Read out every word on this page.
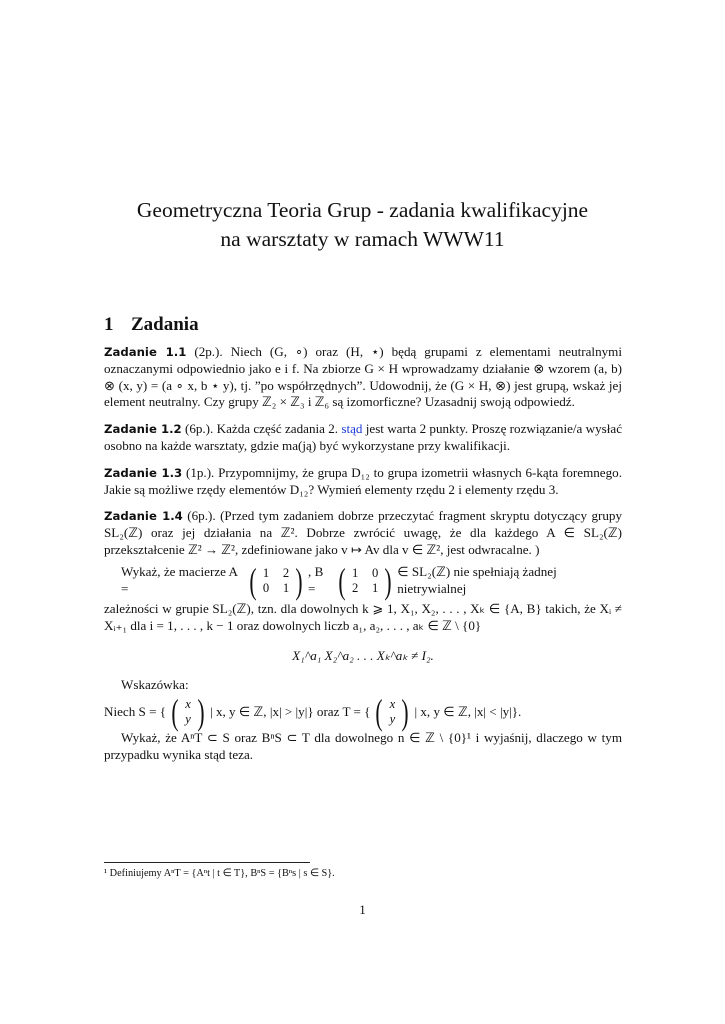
Geometryczna Teoria Grup - zadania kwalifikacyjne
na warsztaty w ramach WWW11
1 Zadania

Zadanie 1.1 (2p.). Niech (G, ∘) oraz (H, ⋆) będą grupami z elementami neutralnymi oznaczanymi odpowiednio jako e i f. Na zbiorze G × H wprowadzamy działanie ⊗ wzorem (a, b) ⊗ (x, y) = (a ∘ x, b ⋆ y), tj. ”po współrzędnych”. Udowodnij, że (G × H, ⊗) jest grupą, wskaż jej element neutralny. Czy grupy ℤ₂ × ℤ₃ i ℤ₆ są izomorficzne? Uzasadnij swoją odpowiedź.

Zadanie 1.2 (6p.). Każda część zadania 2. stąd jest warta 2 punkty. Proszę rozwiązanie/a wysłać osobno na każde warsztaty, gdzie ma(ją) być wykorzystane przy kwalifikacji.

Zadanie 1.3 (1p.). Przypomnijmy, że grupa D₁₂ to grupa izometrii własnych 6-kąta foremnego. Jakie są możliwe rzędy elementów D₁₂? Wymień elementy rzędu 2 i elementy rzędu 3.

Zadanie 1.4 (6p.). (Przed tym zadaniem dobrze przeczytać fragment skryptu dotyczący grupy SL₂(ℤ) oraz jej działania na ℤ². Dobrze zwrócić uwagę, że dla każdego A ∈ SL₂(ℤ) przekształcenie ℤ² → ℤ², zdefiniowane jako v ↦ Av dla v ∈ ℤ², jest odwracalne. )

Wykaż, że macierze A =	( 1	2
0	1 ) , B = ( 1	0
2	1 ) ∈ SL₂(ℤ) nie spełniają żadnej nietrywialnej

zależności w grupie SL₂(ℤ), tzn. dla dowolnych k ⩾ 1, X₁, X₂, . . . , Xₖ ∈ {A, B} takich, że Xᵢ ≠ Xᵢ₊₁ dla i = 1, . . . , k − 1 oraz dowolnych liczb a₁, a₂, . . . , aₖ ∈ ℤ \ {0}

X₁^a₁ X₂^a₂ . . . Xₖ^aₖ ≠ I₂.
Wskazówka:
Niech S = { ( x
y ) | x, y ∈ ℤ, |x| > |y|} oraz T = { ( x
y ) | x, y ∈ ℤ, |x| < |y|}.

Wykaż, że AⁿT ⊂ S oraz BⁿS ⊂ T dla dowolnego n ∈ ℤ \ {0}¹ i wyjaśnij, dlaczego w tym przypadku wynika stąd teza.

¹ Definiujemy AⁿT = {Aⁿt | t ∈ T}, BⁿS = {Bⁿs | s ∈ S}.
1
